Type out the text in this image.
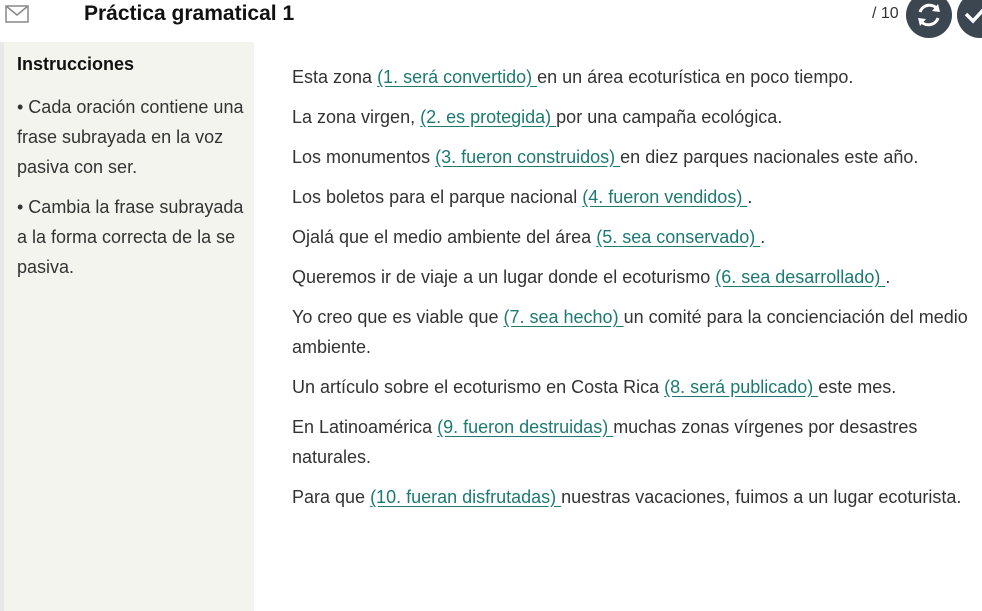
Práctica gramatical 1	/ 10
Instrucciones
• Cada oración contiene una frase subrayada en la voz pasiva con ser.
• Cambia la frase subrayada a la forma correcta de la se pasiva.
Esta zona (1. será convertido) en un área ecoturística en poco tiempo.
La zona virgen, (2. es protegida) por una campaña ecológica.
Los monumentos (3. fueron construidos) en diez parques nacionales este año.
Los boletos para el parque nacional (4. fueron vendidos) .
Ojalá que el medio ambiente del área (5. sea conservado) .
Queremos ir de viaje a un lugar donde el ecoturismo (6. sea desarrollado) .
Yo creo que es viable que (7. sea hecho) un comité para la concienciación del medio ambiente.
Un artículo sobre el ecoturismo en Costa Rica (8. será publicado) este mes.
En Latinoamérica (9. fueron destruidas) muchas zonas vírgenes por desastres naturales.
Para que (10. fueran disfrutadas) nuestras vacaciones, fuimos a un lugar ecoturista.
